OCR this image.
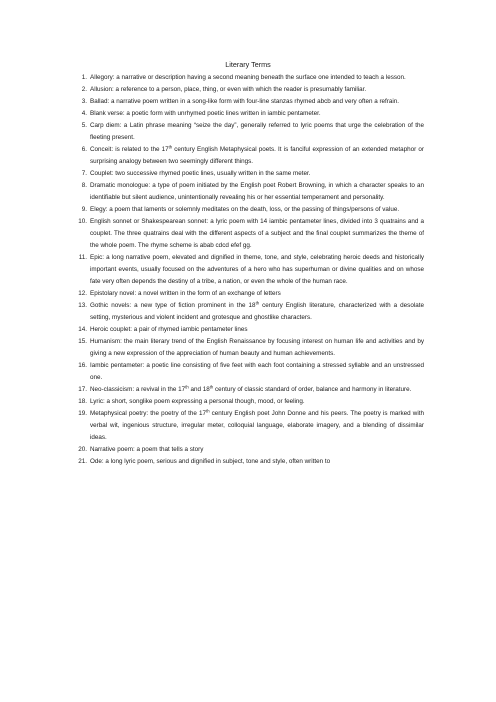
Literary Terms
1. Allegory: a narrative or description having a second meaning beneath the surface one intended to teach a lesson.
2. Allusion: a reference to a person, place, thing, or even with which the reader is presumably familiar.
3. Ballad: a narrative poem written in a song-like form with four-line stanzas rhymed abcb and very often a refrain.
4. Blank verse: a poetic form with unrhymed poetic lines written in iambic pentameter.
5. Carp diem: a Latin phrase meaning “seize the day”, generally referred to lyric poems that urge the celebration of the fleeting present.
6. Conceit: is related to the 17th century English Metaphysical poets. It is fanciful expression of an extended metaphor or surprising analogy between two seemingly different things.
7. Couplet: two successive rhymed poetic lines, usually written in the same meter.
8. Dramatic monologue: a type of poem initiated by the English poet Robert Browning, in which a character speaks to an identifiable but silent audience, unintentionally revealing his or her essential temperament and personality.
9. Elegy: a poem that laments or solemnly meditates on the death, loss, or the passing of things/persons of value.
10. English sonnet or Shakespearean sonnet: a lyric poem with 14 iambic pentameter lines, divided into 3 quatrains and a couplet. The three quatrains deal with the different aspects of a subject and the final couplet summarizes the theme of the whole poem. The rhyme scheme is abab cdcd efef gg.
11. Epic: a long narrative poem, elevated and dignified in theme, tone, and style, celebrating heroic deeds and historically important events, usually focused on the adventures of a hero who has superhuman or divine qualities and on whose fate very often depends the destiny of a tribe, a nation, or even the whole of the human race.
12. Epistolary novel: a novel written in the form of an exchange of letters
13. Gothic novels: a new type of fiction prominent in the 18th century English literature, characterized with a desolate setting, mysterious and violent incident and grotesque and ghostlike characters.
14. Heroic couplet: a pair of rhymed iambic pentameter lines
15. Humanism: the main literary trend of the English Renaissance by focusing interest on human life and activities and by giving a new expression of the appreciation of human beauty and human achievements.
16. Iambic pentameter: a poetic line consisting of five feet with each foot containing a stressed syllable and an unstressed one.
17. Neo-classicism: a revival in the 17th and 18th century of classic standard of order, balance and harmony in literature.
18. Lyric: a short, songlike poem expressing a personal though, mood, or feeling.
19. Metaphysical poetry: the poetry of the 17th century English poet John Donne and his peers. The poetry is marked with verbal wit, ingenious structure, irregular meter, colloquial language, elaborate imagery, and a blending of dissimilar ideas.
20. Narrative poem: a poem that tells a story
21. Ode: a long lyric poem, serious and dignified in subject, tone and style, often written to
